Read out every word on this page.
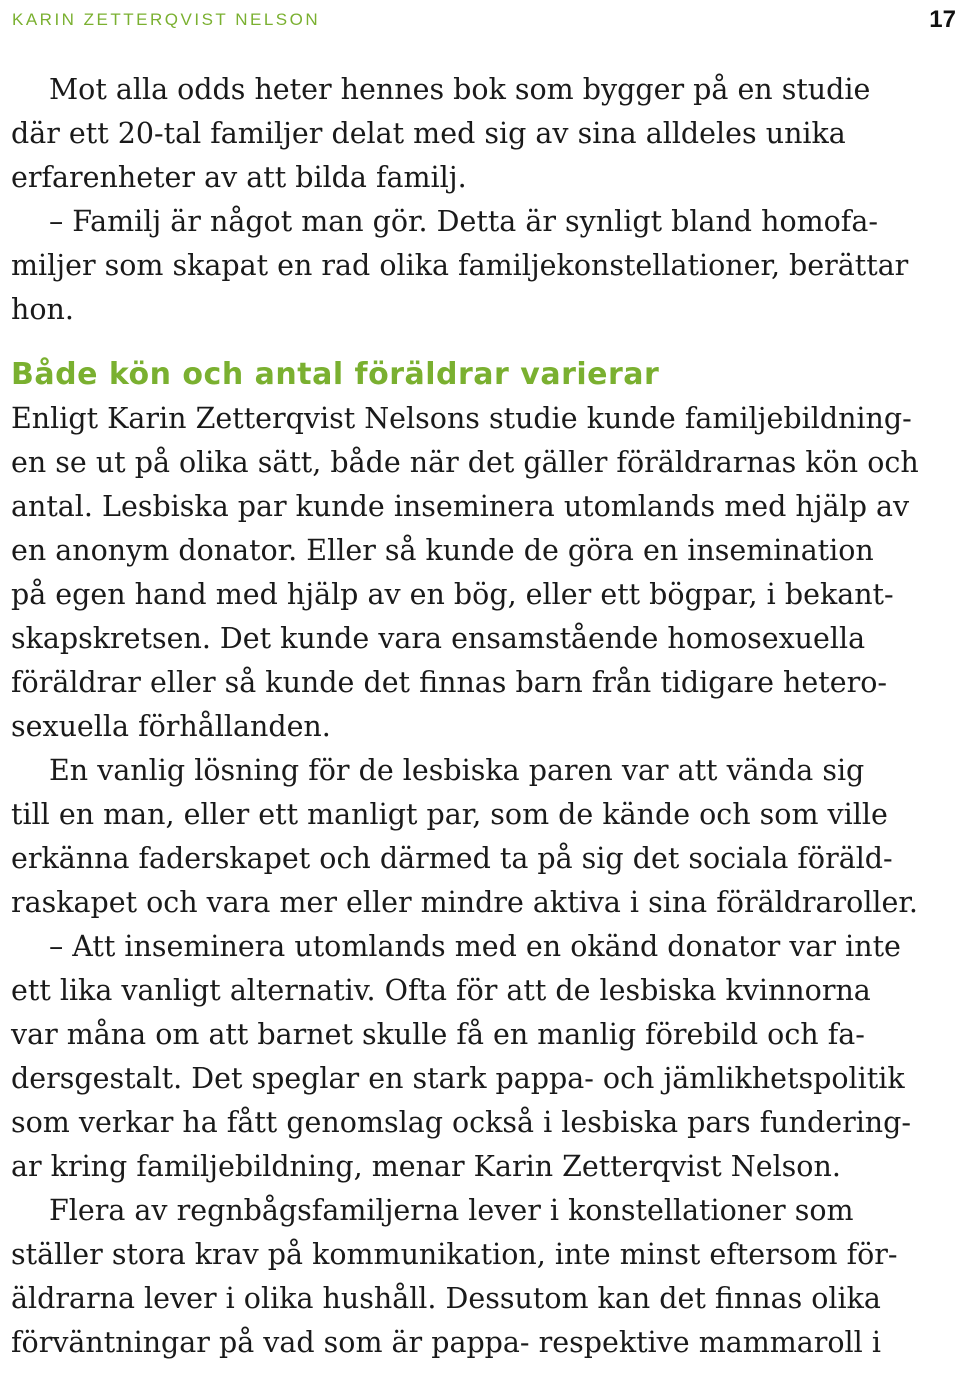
KARIN ZETTERQVIST NELSON	17
Mot alla odds heter hennes bok som bygger på en studie
där ett 20-tal familjer delat med sig av sina alldeles unika
erfarenheter av att bilda familj.
– Familj är något man gör. Detta är synligt bland homofa-
miljer som skapat en rad olika familjekonstellationer, berättar
hon.
Både kön och antal föräldrar varierar
Enligt Karin Zetterqvist Nelsons studie kunde familjebildning-
en se ut på olika sätt, både när det gäller föräldrarnas kön och
antal. Lesbiska par kunde inseminera utomlands med hjälp av
en anonym donator. Eller så kunde de göra en insemination
på egen hand med hjälp av en bög, eller ett bögpar, i bekant-
skapskretsen. Det kunde vara ensamstående homosexuella
föräldrar eller så kunde det finnas barn från tidigare hetero-
sexuella förhållanden.
En vanlig lösning för de lesbiska paren var att vända sig
till en man, eller ett manligt par, som de kände och som ville
erkänna faderskapet och därmed ta på sig det sociala föräld-
raskapet och vara mer eller mindre aktiva i sina föräldraroller.
– Att inseminera utomlands med en okänd donator var inte
ett lika vanligt alternativ. Ofta för att de lesbiska kvinnorna
var måna om att barnet skulle få en manlig förebild och fa-
dersgestalt. Det speglar en stark pappa- och jämlikhetspolitik
som verkar ha fått genomslag också i lesbiska pars fundering-
ar kring familjebildning, menar Karin Zetterqvist Nelson.
Flera av regnbågsfamiljerna lever i konstellationer som
ställer stora krav på kommunikation, inte minst eftersom för-
äldrarna lever i olika hushåll. Dessutom kan det finnas olika
förväntningar på vad som är pappa- respektive mammaroll i
